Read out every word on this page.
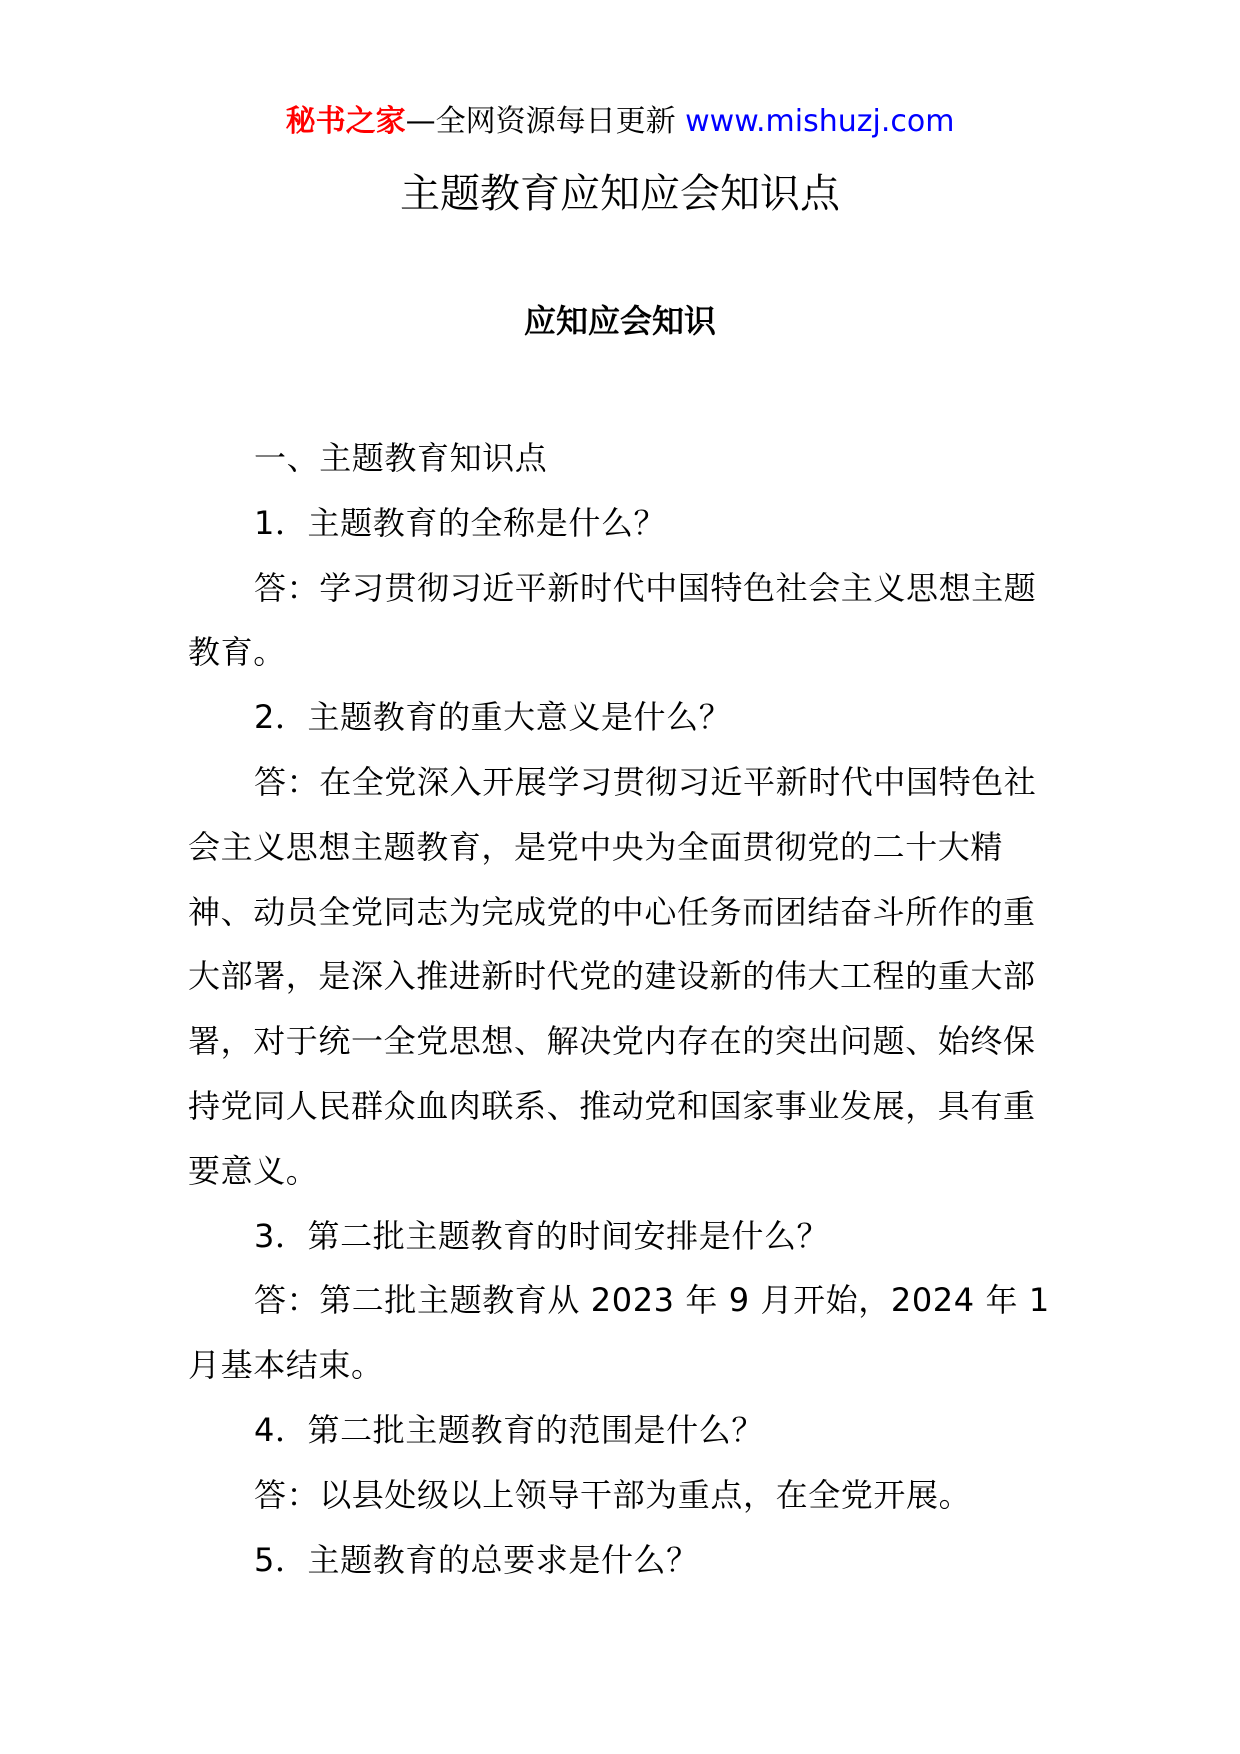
秘书之家—全网资源每日更新 www.mishuzj.com
主题教育应知应会知识点
应知应会知识

一、主题教育知识点

1．主题教育的全称是什么？

答：学习贯彻习近平新时代中国特色社会主义思想主题教育。

2．主题教育的重大意义是什么？

答：在全党深入开展学习贯彻习近平新时代中国特色社会主义思想主题教育，是党中央为全面贯彻党的二十大精神、动员全党同志为完成党的中心任务而团结奋斗所作的重大部署，是深入推进新时代党的建设新的伟大工程的重大部署，对于统一全党思想、解决党内存在的突出问题、始终保持党同人民群众血肉联系、推动党和国家事业发展，具有重要意义。

3．第二批主题教育的时间安排是什么？

答：第二批主题教育从 2023 年 9 月开始，2024 年 1 月基本结束。

4．第二批主题教育的范围是什么？

答：以县处级以上领导干部为重点，在全党开展。

5．主题教育的总要求是什么？
